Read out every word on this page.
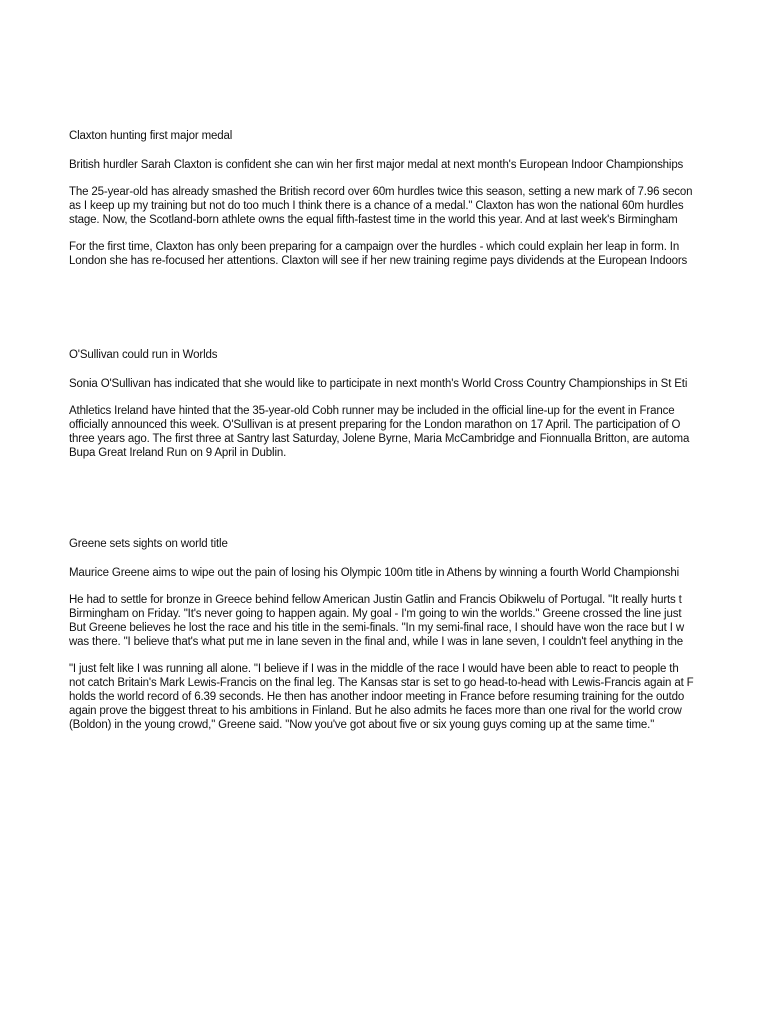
Claxton hunting first major medal
British hurdler Sarah Claxton is confident she can win her first major medal at next month's European Indoor Championships
The 25-year-old has already smashed the British record over 60m hurdles twice this season, setting a new mark of 7.96 secon
as I keep up my training but not do too much I think there is a chance of a medal." Claxton has won the national 60m hurdles
stage. Now, the Scotland-born athlete owns the equal fifth-fastest time in the world this year. And at last week's Birmingham
For the first time, Claxton has only been preparing for a campaign over the hurdles - which could explain her leap in form. In
London she has re-focused her attentions. Claxton will see if her new training regime pays dividends at the European Indoors
O'Sullivan could run in Worlds
Sonia O'Sullivan has indicated that she would like to participate in next month's World Cross Country Championships in St Eti
Athletics Ireland have hinted that the 35-year-old Cobh runner may be included in the official line-up for the event in France
officially announced this week. O'Sullivan is at present preparing for the London marathon on 17 April. The participation of O
three years ago. The first three at Santry last Saturday, Jolene Byrne, Maria McCambridge and Fionnualla Britton, are automa
Bupa Great Ireland Run on 9 April in Dublin.
Greene sets sights on world title
Maurice Greene aims to wipe out the pain of losing his Olympic 100m title in Athens by winning a fourth World Championshi
He had to settle for bronze in Greece behind fellow American Justin Gatlin and Francis Obikwelu of Portugal. "It really hurts t
Birmingham on Friday. "It's never going to happen again. My goal - I'm going to win the worlds." Greene crossed the line just
But Greene believes he lost the race and his title in the semi-finals. "In my semi-final race, I should have won the race but I w
was there. "I believe that's what put me in lane seven in the final and, while I was in lane seven, I couldn't feel anything in the
"I just felt like I was running all alone. "I believe if I was in the middle of the race I would have been able to react to people th
not catch Britain's Mark Lewis-Francis on the final leg. The Kansas star is set to go head-to-head with Lewis-Francis again at F
holds the world record of 6.39 seconds. He then has another indoor meeting in France before resuming training for the outdo
again prove the biggest threat to his ambitions in Finland. But he also admits he faces more than one rival for the world crow
(Boldon) in the young crowd," Greene said. "Now you've got about five or six young guys coming up at the same time."
